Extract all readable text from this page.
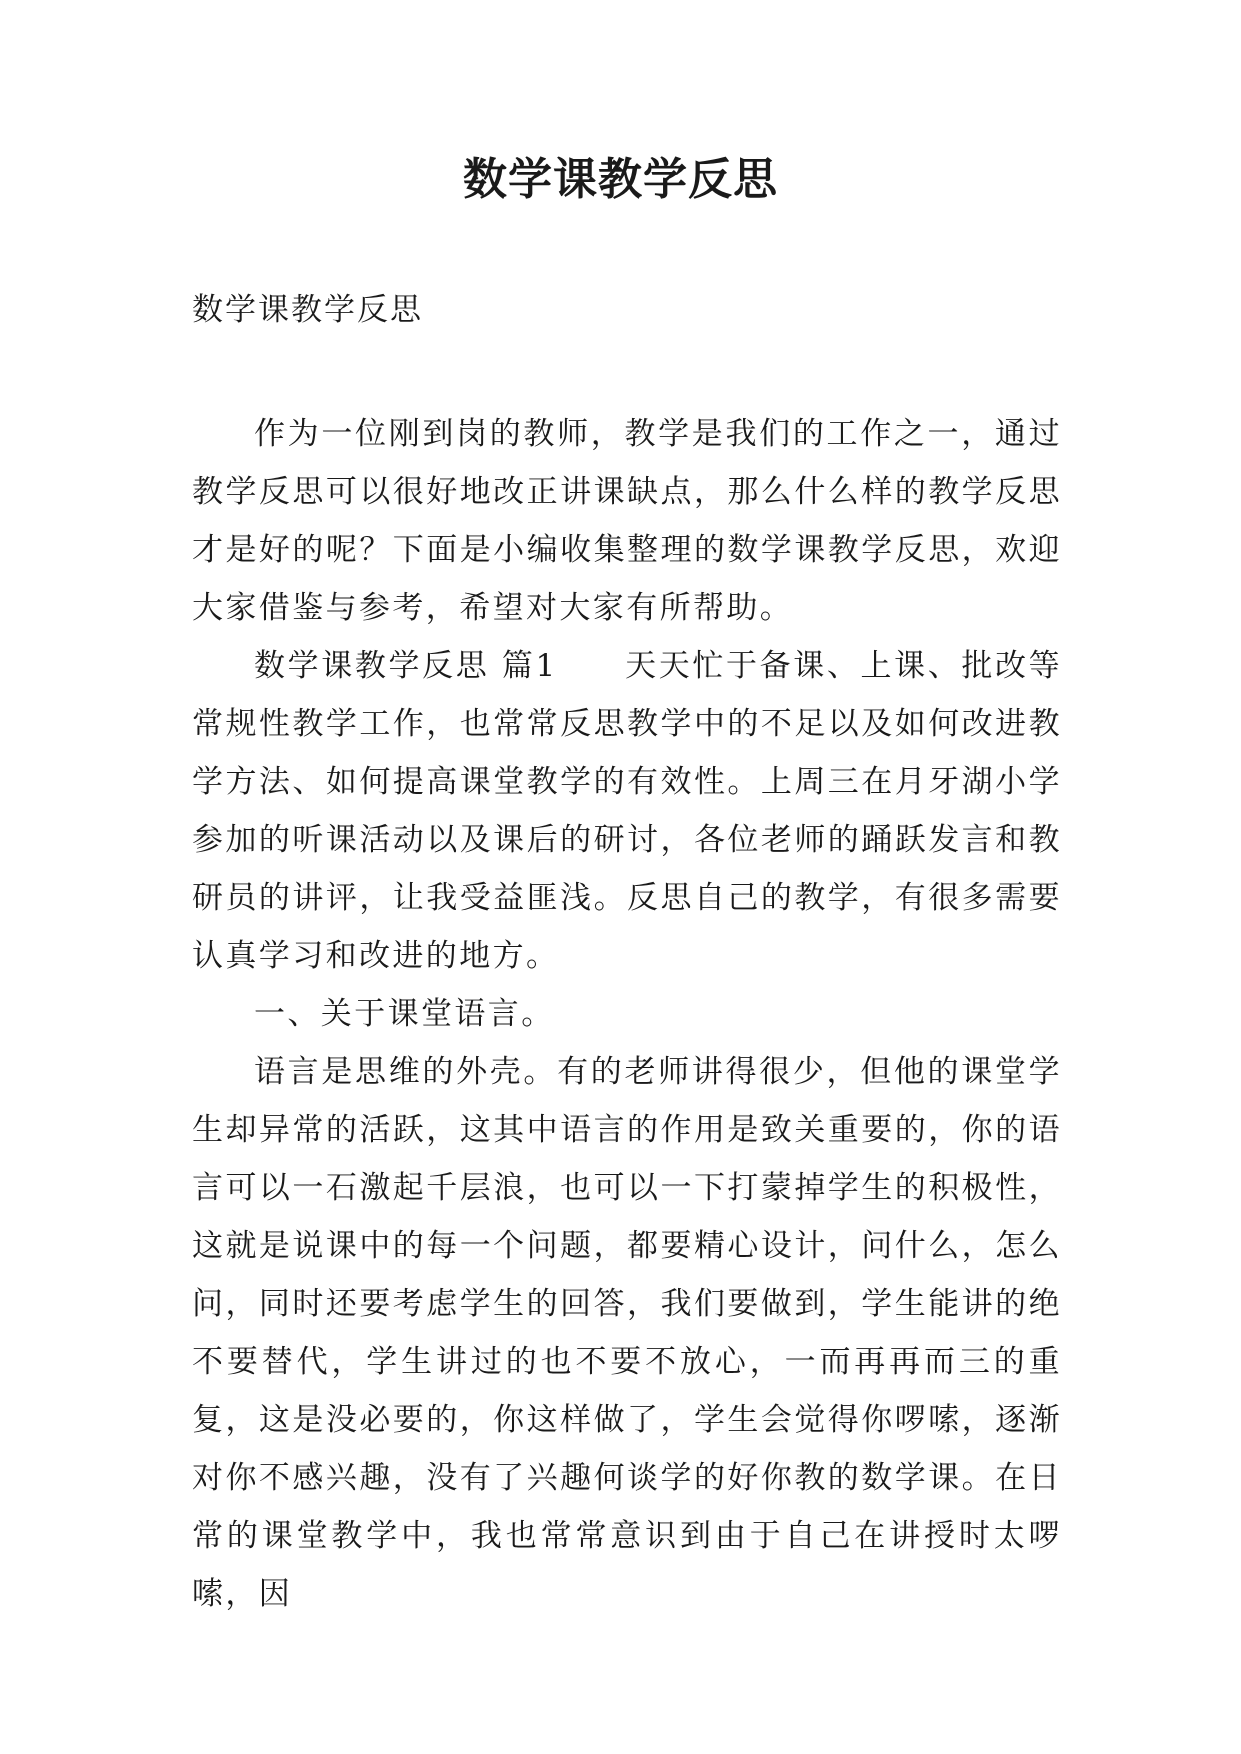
数学课教学反思
数学课教学反思

作为一位刚到岗的教师，教学是我们的工作之一，通过教学反思可以很好地改正讲课缺点，那么什么样的教学反思才是好的呢？下面是小编收集整理的数学课教学反思，欢迎大家借鉴与参考，希望对大家有所帮助。

数学课教学反思 篇1　　天天忙于备课、上课、批改等常规性教学工作，也常常反思教学中的不足以及如何改进教学方法、如何提高课堂教学的有效性。上周三在月牙湖小学参加的听课活动以及课后的研讨，各位老师的踊跃发言和教研员的讲评，让我受益匪浅。反思自己的教学，有很多需要认真学习和改进的地方。

一、关于课堂语言。

语言是思维的外壳。有的老师讲得很少，但他的课堂学生却异常的活跃，这其中语言的作用是致关重要的，你的语言可以一石激起千层浪，也可以一下打蒙掉学生的积极性，这就是说课中的每一个问题，都要精心设计，问什么，怎么问，同时还要考虑学生的回答，我们要做到，学生能讲的绝不要替代，学生讲过的也不要不放心，一而再再而三的重复，这是没必要的，你这样做了，学生会觉得你啰嗦，逐渐对你不感兴趣，没有了兴趣何谈学的好你教的数学课。在日常的课堂教学中，我也常常意识到由于自己在讲授时太啰嗦，因
